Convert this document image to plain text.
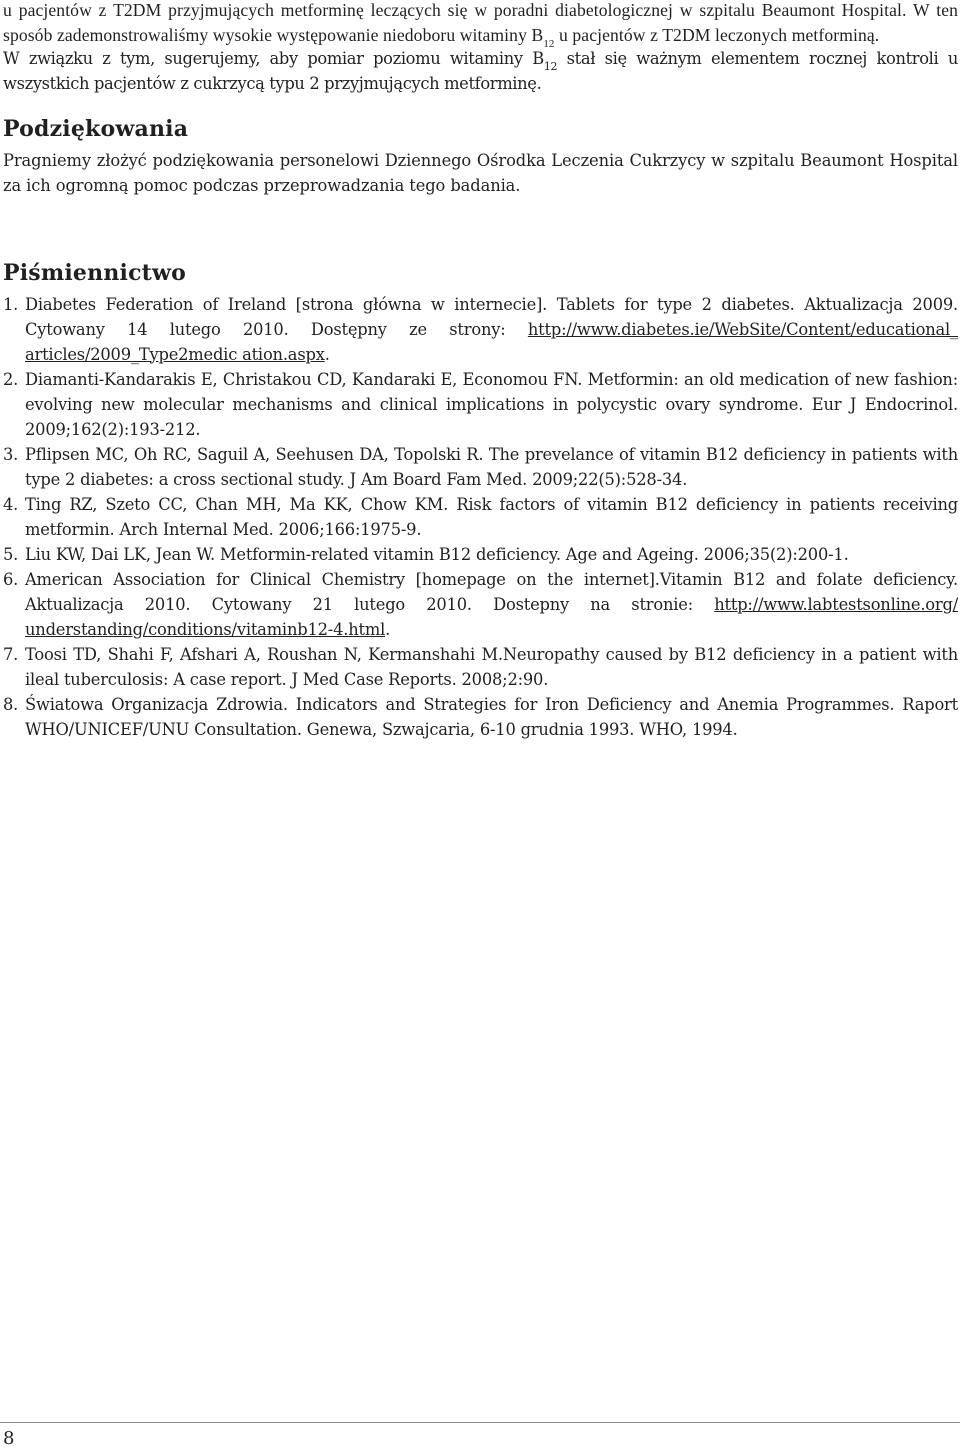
u pacjentów z T2DM przyjmujących metforminę leczących się w poradni diabetologicznej w szpitalu Beaumont Hospital. W ten sposób zademonstrowaliśmy wysokie występowanie niedoboru witaminy $B_{12}$ u pacjentów z T2DM leczonych metforminą.

W związku z tym, sugerujemy, aby pomiar poziomu witaminy $B_{12}$ stał się ważnym elementem rocznej kontroli u wszystkich pacjentów z cukrzycą typu 2 przyjmujących metforminę.

Podziękowania

Pragniemy złożyć podziękowania personelowi Dziennego Ośrodka Leczenia Cukrzycy w szpitalu Beaumont Hospital za ich ogromną pomoc podczas przeprowadzania tego badania.

Piśmiennictwo
1. Diabetes Federation of Ireland [strona główna w internecie]. Tablets for type 2 diabetes. Aktualizacja 2009. Cytowany 14 lutego 2010. Dostępny ze strony: http://www.diabetes.ie/WebSite/Content/educational_ articles/2009_Type2medic ation.aspx.
2. Diamanti-Kandarakis E, Christakou CD, Kandaraki E, Economou FN. Metformin: an old medication of new fashion: evolving new molecular mechanisms and clinical implications in polycystic ovary syndrome. Eur J Endocrinol. 2009;162(2):193-212.
3. Pflipsen MC, Oh RC, Saguil A, Seehusen DA, Topolski R. The prevelance of vitamin B12 deficiency in patients with type 2 diabetes: a cross sectional study. J Am Board Fam Med. 2009;22(5):528-34.
4. Ting RZ, Szeto CC, Chan MH, Ma KK, Chow KM. Risk factors of vitamin B12 deficiency in patients receiving metformin. Arch Internal Med. 2006;166:1975-9.
5. Liu KW, Dai LK, Jean W. Metformin-related vitamin B12 deficiency. Age and Ageing. 2006;35(2):200-1.
6. American Association for Clinical Chemistry [homepage on the internet].Vitamin B12 and folate deficiency. Aktualizacja 2010. Cytowany 21 lutego 2010. Dostepny na stronie: http://www.labtestsonline.org/ understanding/conditions/vitaminb12-4.html.
7. Toosi TD, Shahi F, Afshari A, Roushan N, Kermanshahi M.Neuropathy caused by B12 deficiency in a patient with ileal tuberculosis: A case report. J Med Case Reports. 2008;2:90.
8. Światowa Organizacja Zdrowia. Indicators and Strategies for Iron Deficiency and Anemia Programmes. Raport WHO/UNICEF/UNU Consultation. Genewa, Szwajcaria, 6-10 grudnia 1993. WHO, 1994.
8
